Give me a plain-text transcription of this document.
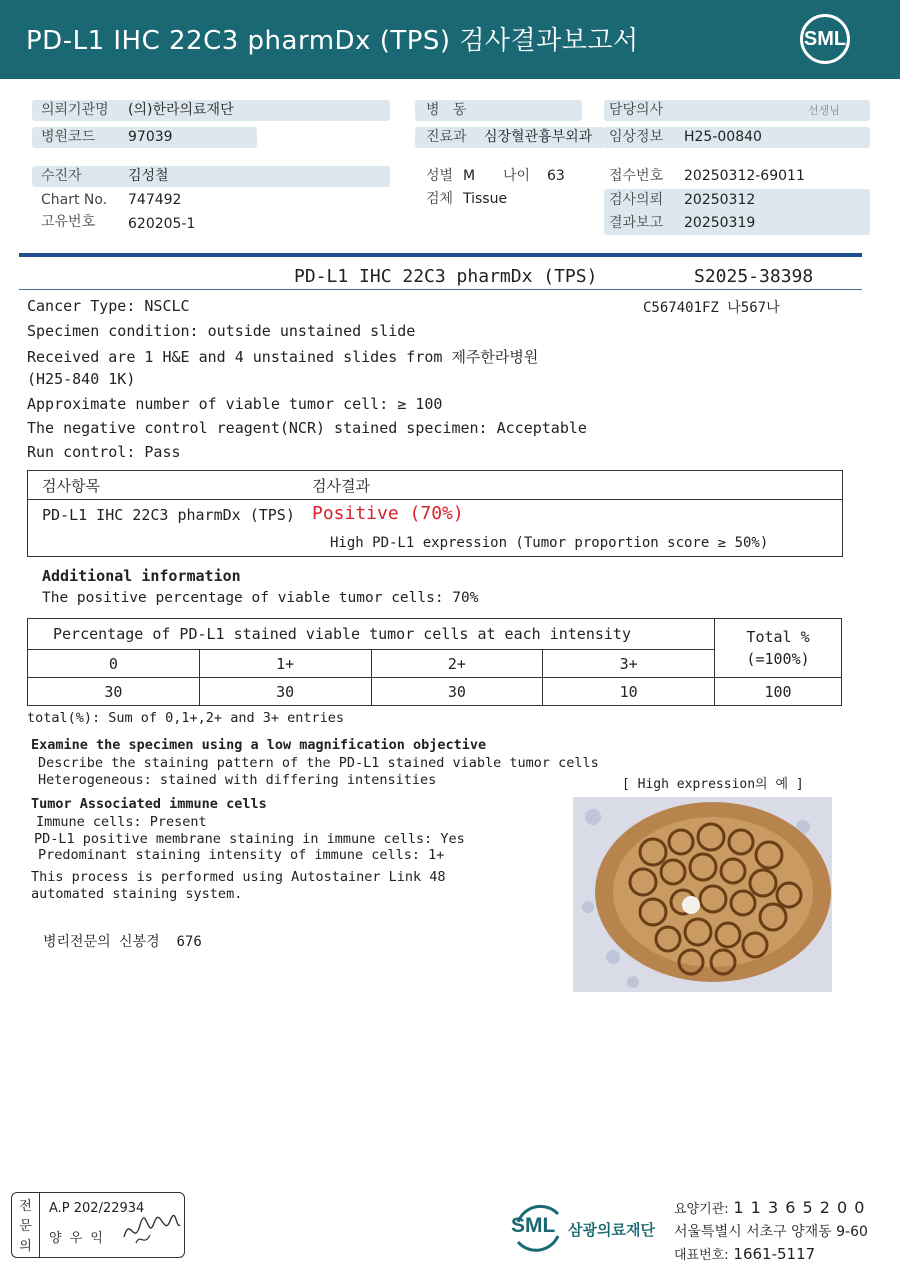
PD-L1 IHC 22C3 pharmDx (TPS) 검사결과보고서	SML
의뢰기관명 (의)한라의료재단
병원코드 97039
병   동
진료과 심장혈관흉부외과
담당의사	선생님
임상정보 H25-00840
수진자	김성철
Chart No. 747492
고유번호 620205-1
성별 M 나이 63
검체 Tissue
접수번호 20250312-69011
검사의뢰 20250312
결과보고 20250319
PD-L1 IHC 22C3 pharmDx (TPS)	S2025-38398
C567401FZ 나567나
Cancer Type: NSCLC
Specimen condition: outside unstained slide
Received are 1 H&E and 4 unstained slides from 제주한라병원
(H25-840 1K)
Approximate number of viable tumor cell: ≥ 100
The negative control reagent(NCR) stained specimen: Acceptable
Run control: Pass
검사항목	검사결과
PD-L1 IHC 22C3 pharmDx (TPS) Positive (70%)
High PD-L1 expression (Tumor proportion score ≥ 50%)
Additional information
The positive percentage of viable tumor cells: 70%
Percentage of PD-L1 stained viable tumor cells at each intensity				Total %
(=100%)

0	1+	2+	3+	
30	30	30	10	100
total(%): Sum of 0,1+,2+ and 3+ entries
Examine the specimen using a low magnification objective
Describe the staining pattern of the PD-L1 stained viable tumor cells
Heterogeneous: stained with differing intensities	[ High expression의 예 ]
Tumor Associated immune cells
Immune cells: Present
PD-L1 positive membrane staining in immune cells: Yes
Predominant staining intensity of immune cells: 1+
This process is performed using Autostainer Link 48
automated staining system.
병리전문의 신봉경  676
전
문
의
A.P 202/22934
양 우 익
SML 삼광의료재단
요양기관: 1 1 3 6 5 2 0 0
서울특별시 서초구 양재동 9-60
대표번호: 1661-5117
